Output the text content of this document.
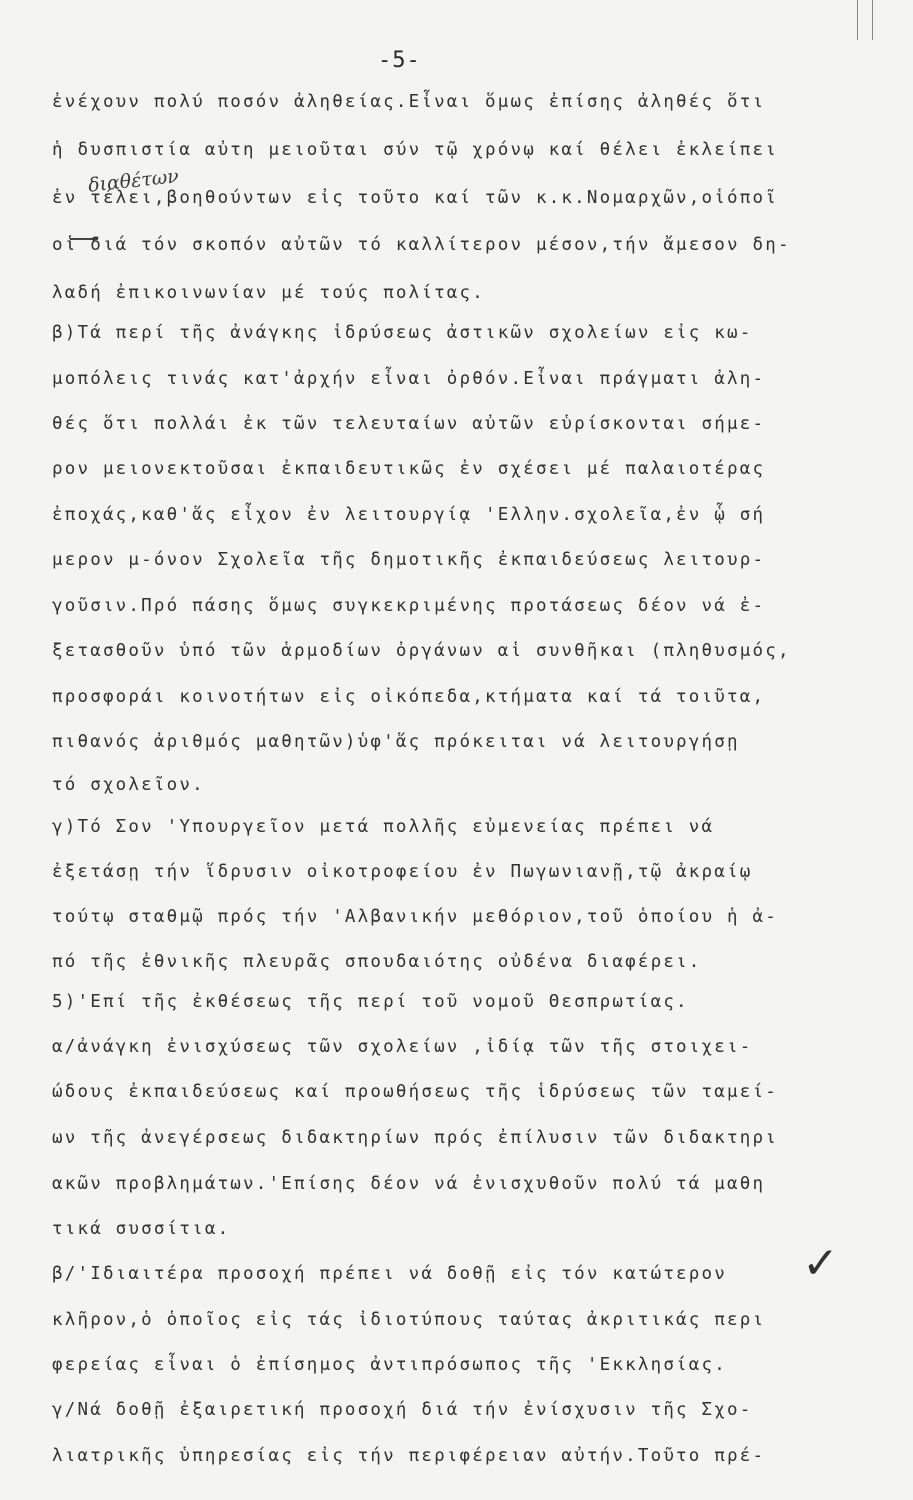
-5-
ἐνέχουν πολύ ποσόν ἀληθείας.Εἶναι ὅμως ἐπίσης ἀληθές ὅτι
ἡ δυσπιστία αὐτη μειοῦται σύν τῷ χρόνῳ καί θέλει ἐκλείπει
ἐν τέλει,βοηθούντων εἰς τοῦτο καί τῶν κ.κ.Νομαρχῶν,οἱόποῖ
διαθέτων
οἱ διά τόν σκοπόν αὐτῶν τό καλλίτερον μέσον,τήν ἄμεσον δη-
λαδή ἐπικοινωνίαν μέ τούς πολίτας.
β)Τά περί τῆς ἀνάγκης ἱδρύσεως ἀστικῶν σχολείων εἰς κω-
μοπόλεις τινάς κατ'ἀρχήν εἶναι ὀρθόν.Εἶναι πράγματι ἀλη-
θές ὅτι πολλάι ἐκ τῶν τελευταίων αὐτῶν εὑρίσκονται σήμε-
ρον μειονεκτοῦσαι ἐκπαιδευτικῶς ἐν σχέσει μέ παλαιοτέρας
ἐποχάς,καθ'ἅς εἶχον ἐν λειτουργίᾳ 'Ελλην.σχολεῖα,ἐν ᾧ σή
μερον μ-όνον Σχολεῖα τῆς δημοτικῆς ἐκπαιδεύσεως λειτουρ-
γοῦσιν.Πρό πάσης ὅμως συγκεκριμένης προτάσεως δέον νά ἐ-
ξετασθοῦν ὑπό τῶν ἁρμοδίων ὀργάνων αἱ συνθῆκαι (πληθυσμός,
προσφοράι κοινοτήτων εἰς οἰκόπεδα,κτήματα καί τά τοιῦτα,
πιθανός ἀριθμός μαθητῶν)ὑφ'ἅς πρόκειται νά λειτουργήσῃ
τό σχολεῖον.
γ)Τό Σον 'Υπουργεῖον μετά πολλῆς εὐμενείας πρέπει νά
ἐξετάσῃ τήν ἵδρυσιν οἰκοτροφείου ἐν Πωγωνιανῇ,τῷ ἀκραίῳ
τούτῳ σταθμῷ πρός τήν 'Αλβανικήν μεθόριον,τοῦ ὁποίου ἡ ἀ-
πό τῆς ἐθνικῆς πλευρᾶς σπουδαιότης οὐδένα διαφέρει.
5)'Επί τῆς ἐκθέσεως τῆς περί τοῦ νομοῦ Θεσπρωτίας.
α/ἀνάγκη ἐνισχύσεως τῶν σχολείων ,ἰδίᾳ τῶν τῆς στοιχει-
ώδους ἐκπαιδεύσεως καί προωθήσεως τῆς ἱδρύσεως τῶν ταμεί-
ων τῆς ἀνεγέρσεως διδακτηρίων πρός ἐπίλυσιν τῶν διδακτηρι
ακῶν προβλημάτων.'Επίσης δέον νά ἐνισχυθοῦν πολύ τά μαθη
τικά συσσίτια.
β/'Ιδιαιτέρα προσοχή πρέπει νά δοθῇ εἰς τόν κατώτερον ✓
κλῆρον,ὁ ὁποῖος εἰς τάς ἰδιοτύπους ταύτας ἀκριτικάς περι
φερείας εἶναι ὁ ἐπίσημος ἀντιπρόσωπος τῆς 'Εκκλησίας.
γ/Νά δοθῇ ἐξαιρετική προσοχή διά τήν ἐνίσχυσιν τῆς Σχο-
λιατρικῆς ὑπηρεσίας εἰς τήν περιφέρειαν αὐτήν.Τοῦτο πρέ-
